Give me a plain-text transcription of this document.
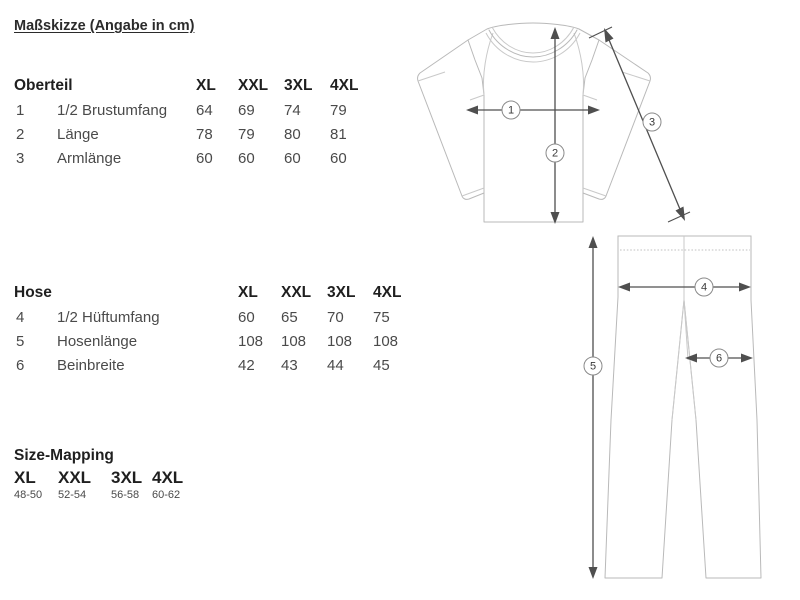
Maßskizze (Angabe in cm)
Oberteil	XL XXL 3XL 4XL
1 1/2 Brustumfang 64 69 74 79
2 Länge	78 79 80 81
3 Armlänge	60 60 60 60
Hose	XL XXL 3XL 4XL
4 1/2 Hüftumfang	60 65 70 75
5 Hosenlänge	108 108 108 108
6 Beinbreite	42 43 44 45
Size-Mapping
XL XXL 3XL 4XL
48-50 52-54 56-58 60-62
1
2
3
4
5
6
